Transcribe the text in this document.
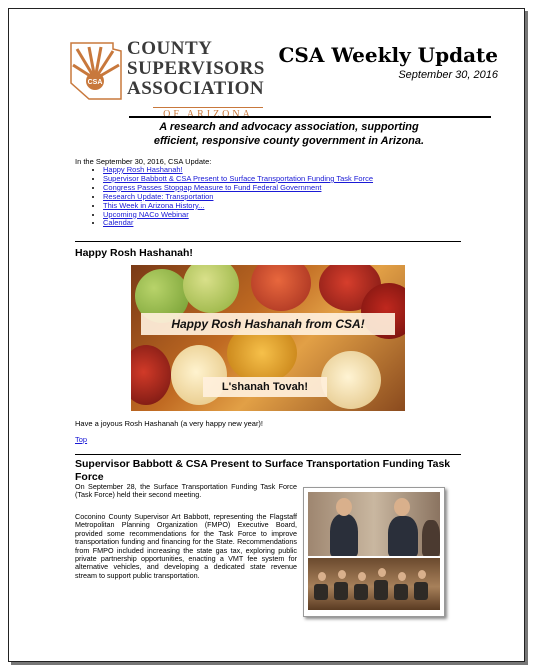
CSA
COUNTY
SUPERVISORS
ASSOCIATION
OF ARIZONA
CSA Weekly Update
September 30, 2016
A research and advocacy association, supporting
efficient, responsive county government in Arizona.
In the September 30, 2016, CSA Update:
• Happy Rosh Hashanah!
• Supervisor Babbott & CSA Present to Surface Transportation Funding Task Force
• Congress Passes Stopgap Measure to Fund Federal Government
• Research Update: Transportation
• This Week in Arizona History...
• Upcoming NACo Webinar
• Calendar
Happy Rosh Hashanah!
Happy Rosh Hashanah from CSA!
L'shanah Tovah!
Have a joyous Rosh Hashanah (a very happy new year)!
Top
Supervisor Babbott & CSA Present to Surface Transportation Funding Task Force
On September 28, the Surface Transportation Funding Task Force (Task Force) held their second meeting.
Coconino County Supervisor Art Babbott, representing the Flagstaff Metropolitan Planning Organization (FMPO) Executive Board, provided some recommendations for the Task Force to improve transportation funding and financing for the State. Recommendations from FMPO included increasing the state gas tax, exploring public private partnership opportunities, enacting a VMT fee system for alternative vehicles, and developing a dedicated state revenue stream to support public transportation.
